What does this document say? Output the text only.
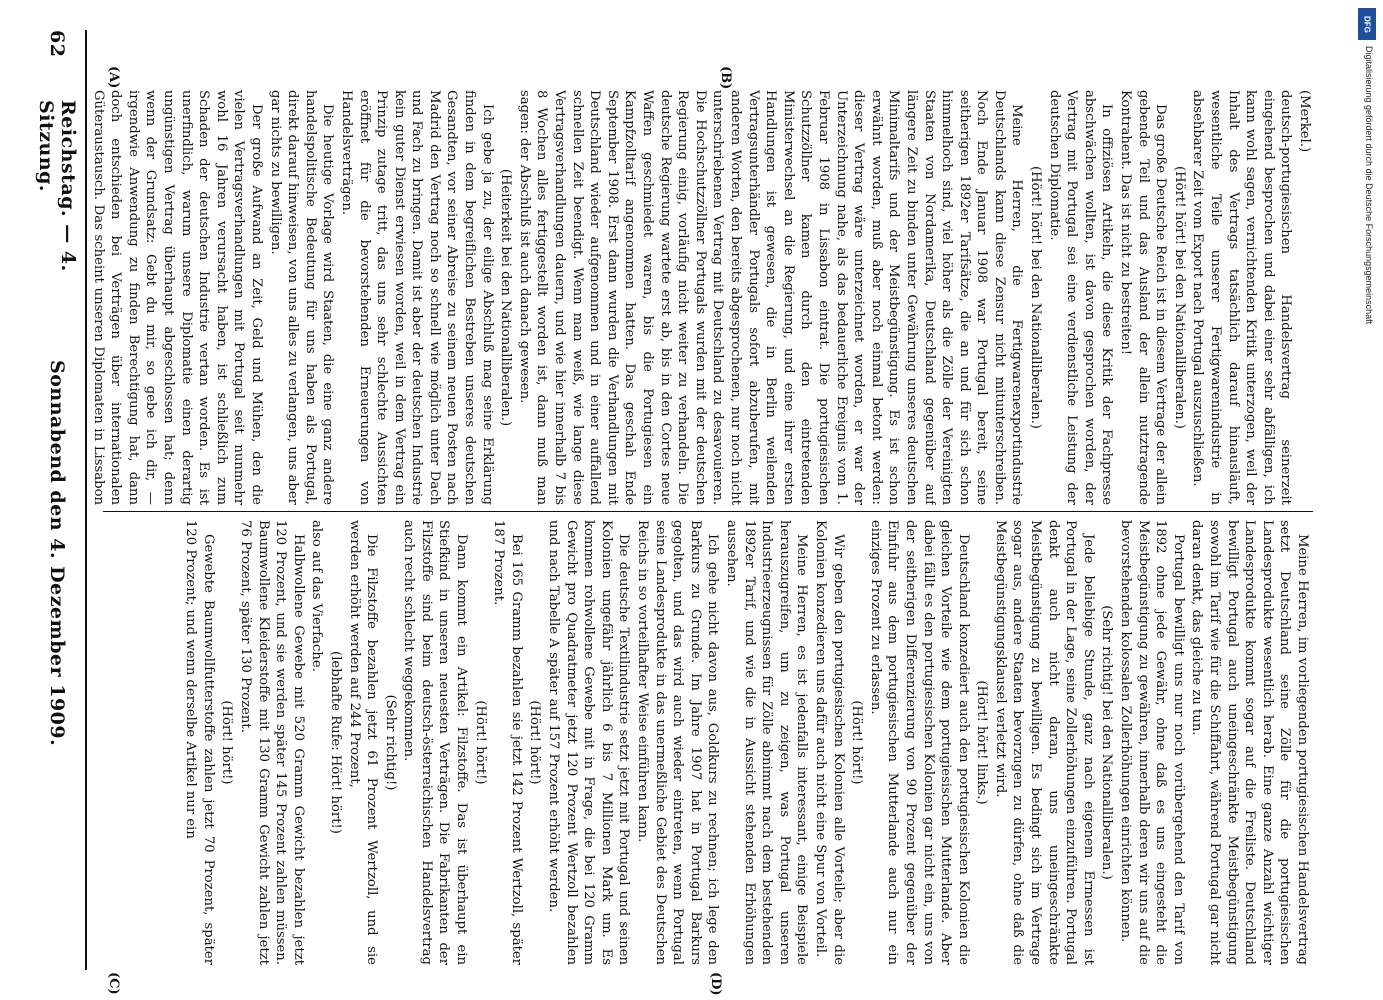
62
Reichstag. — 4. Sitzung.
Sonnabend den 4. Dezember 1909.
(A)	(B)
(C)	(D)

(Merkel.)

deutsch-portugiesischen Handelsvertrag seinerzeit eingehend besprochen und dabei einer sehr abfälligen, ich kann wohl sagen, vernichtenden Kritik unterzogen, weil der Inhalt des Vertrags tatsächlich darauf hinausläuft, wesentliche Teile unserer Fertigwarenindustrie in absehbarer Zeit vom Export nach Portugal auszuschließen.

(Hört! hört! bei den Nationalliberalen.)

Das große Deutsche Reich ist in diesem Vertrage der allein gebende Teil und das Ausland der allein nutztragende Kontrahent. Das ist nicht zu bestreiten!

In offiziösen Artikeln, die diese Kritik der Fachpresse abschwächen wollten, ist davon gesprochen worden, der Vertrag mit Portugal sei eine verdienstliche Leistung der deutschen Diplomatie.

(Hört! hört! bei den Nationalliberalen.)

Meine Herren, die Fertigwarenexportindustrie Deutschlands kann diese Zensur nicht mitunterschreiben. Noch Ende Januar 1908 war Portugal bereit, seine seitherigen 1892er Tarifsätze, die an und für sich schon himmelhoch sind, viel höher als die Zölle der Vereinigten Staaten von Nordamerika, Deutschland gegenüber auf längere Zeit zu binden unter Gewährung unseres deutschen Minimaltarifs und der Meistbegünstigung. Es ist schon erwähnt worden, muß aber noch einmal betont werden: dieser Vertrag wäre unterzeichnet worden, er war der Unterzeichnung nahe, als das bedauerliche Ereignis vom 1. Februar 1908 in Lissabon eintrat. Die portugiesischen Schutzzöllner kamen durch den eintretenden Ministerwechsel an die Regierung, und eine ihrer ersten Handlungen ist gewesen, die in Berlin weilenden Vertragsunterhändler Portugals sofort abzuberufen, mit anderen Worten, den bereits abgesprochenen, nur noch nicht unterschriebenen Vertrag mit Deutschland zu desavouieren. Die Hochschutzzöllner Portugals wurden mit der deutschen Regierung einig, vorläufig nicht weiter zu verhandeln. Die deutsche Regierung wartete erst ab, bis in den Cortes neue Waffen geschmiedet waren, bis die Portugiesen ein Kampfzolltarif angenommen hatten. Das geschah Ende September 1908. Erst dann wurden die Verhandlungen mit Deutschland wieder aufgenommen und in einer auffallend schnellen Zeit beendigt. Wenn man weiß, wie lange diese Vertragsverhandlungen dauern, und wie hier innerhalb 7 bis 8 Wochen alles fertiggestellt worden ist, dann muß man sagen: der Abschluß ist auch danach gewesen.

(Heiterkeit bei den Nationalliberalen.)

Ich gebe ja zu, der eilige Abschluß mag seine Erklärung finden in dem begreiflichen Bestreben unseres deutschen Gesandten, vor seiner Abreise zu seinem neuen Posten nach Madrid den Vertrag noch so schnell wie möglich unter Dach und Fach zu bringen. Damit ist aber der deutschen Industrie kein guter Dienst erwiesen worden, weil in dem Vertrag ein Prinzip zutage tritt, das uns sehr schlechte Aussichten eröffnet für die bevorstehenden Erneuerungen von Handelsverträgen.

Die heutige Vorlage wird Staaten, die eine ganz andere handelspolitische Bedeutung für uns haben als Portugal, direkt darauf hinweisen, von uns alles zu verlangen, uns aber gar nichts zu bewilligen.

Der große Aufwand an Zeit, Geld und Mühen, den die vielen Vertragsverhandlungen mit Portugal seit nunmehr wohl 16 Jahren verursacht haben, ist schließlich zum Schaden der deutschen Industrie vertan worden. Es ist unerfindlich, warum unsere Diplomatie einen derartig ungünstigen Vertrag überhaupt abgeschlossen hat; denn wenn der Grundsatz: Gebt du mir, so gebe ich dir, — irgendwie Anwendung zu finden Berechtigung hat, dann doch entschieden bei Verträgen über internationalen Güteraustausch. Das scheint unseren Diplomaten in Lissabon

Meine Herren, im vorliegenden portugiesischen Handelsvertrag setzt Deutschland seine Zölle für die portugiesischen Landesprodukte wesentlich herab. Eine ganze Anzahl wichtiger Landesprodukte kommt sogar auf die Freiliste. Deutschland bewilligt Portugal auch uneingeschränkte Meistbegünstigung sowohl im Tarif wie für die Schiffahrt, während Portugal gar nicht daran denkt, das gleiche zu tun.

Portugal bewilligt uns nur noch vorübergehend den Tarif von 1892 ohne jede Gewähr, ohne daß es uns eingesteht die Meistbegünstigung zu gewähren, innerhalb deren wir uns auf die bevorstehenden kolossalen Zollerhöhungen einrichten können.

(Sehr richtig! bei den Nationalliberalen.)

Jede beliebige Stunde, ganz nach eigenem Ermessen ist Portugal in der Lage, seine Zollerhöhungen einzuführen. Portugal denkt auch nicht daran, uns uneingeschränkte Meistbegünstigung zu bewilligen. Es bedingt sich im Vertrage sogar aus, andere Staaten bevorzugen zu dürfen, ohne daß die Meistbegünstigungsklausel verletzt wird.

(Hört! hört! links.)

Deutschland konzediert auch den portugiesischen Kolonien die gleichen Vorteile wie dem portugiesischen Mutterlande. Aber dabei fällt es den portugiesischen Kolonien gar nicht ein, uns von der seitherigen Differenzierung von 90 Prozent gegenüber der Einfuhr aus dem portugiesischen Mutterlande auch nur ein einziges Prozent zu erlassen.

(Hört! hört!)

Wir geben den portugiesischen Kolonien alle Vorteile; aber die Kolonien konzedieren uns dafür auch nicht eine Spur von Vorteil.

Meine Herren, es ist jedenfalls interessant, einige Beispiele herauszugreifen, um zu zeigen, was Portugal unseren Industrieerzeugnissen für Zölle abnimmt nach dem bestehenden 1892er Tarif, und wie die in Aussicht stehenden Erhöhungen aussehen.

Ich gehe nicht davon aus, Goldkurs zu rechnen; ich lege den Barkurs zu Grunde. Im Jahre 1907 hat in Portugal Barkurs gegolten, und das wird auch wieder eintreten, wenn Portugal seine Landesprodukte in das unermeßliche Gebiet des Deutschen Reichs in so vorteilhafter Weise einführen kann.

Die deutsche Textilindustrie setzt jetzt mit Portugal und seinen Kolonien ungefähr jährlich 6 bis 7 Millionen Mark um. Es kommen rohwollene Gewebe mit in Frage, die bei 120 Gramm Gewicht pro Quadratmeter jetzt 120 Prozent Wertzoll bezahlen und nach Tabelle A später auf 157 Prozent erhöht werden.

(Hört! hört!)

Bei 165 Gramm bezahlen sie jetzt 142 Prozent Wertzoll, später 187 Prozent.

(Hört! hört!)

Dann kommt ein Artikel: Filzstoffe. Das ist überhaupt ein Stiefkind in unseren neuesten Verträgen. Die Fabrikanten der Filzstoffe sind beim deutsch-österreichischen Handelsvertrag auch recht schlecht weggekommen.

(Sehr richtig!)

Die Filzstoffe bezahlen jetzt 61 Prozent Wertzoll, und sie werden erhöht werden auf 244 Prozent,

(lebhafte Rufe: Hört! hört!)

also auf das Vierfache.

Halbwollene Gewebe mit 520 Gramm Gewicht bezahlen jetzt 120 Prozent, und sie werden später 145 Prozent zahlen müssen. Baumwollene Kleiderstoffe mit 130 Gramm Gewicht zahlen jetzt 76 Prozent, später 130 Prozent.

(Hört! hört!)

Gewebte Baumwollfutterstoffe zahlen jetzt 70 Prozent, später 120 Prozent; und wenn derselbe Artikel nur ein

DFG
Digitalisierung gefördert durch die Deutsche Forschungsgemeinschaft
